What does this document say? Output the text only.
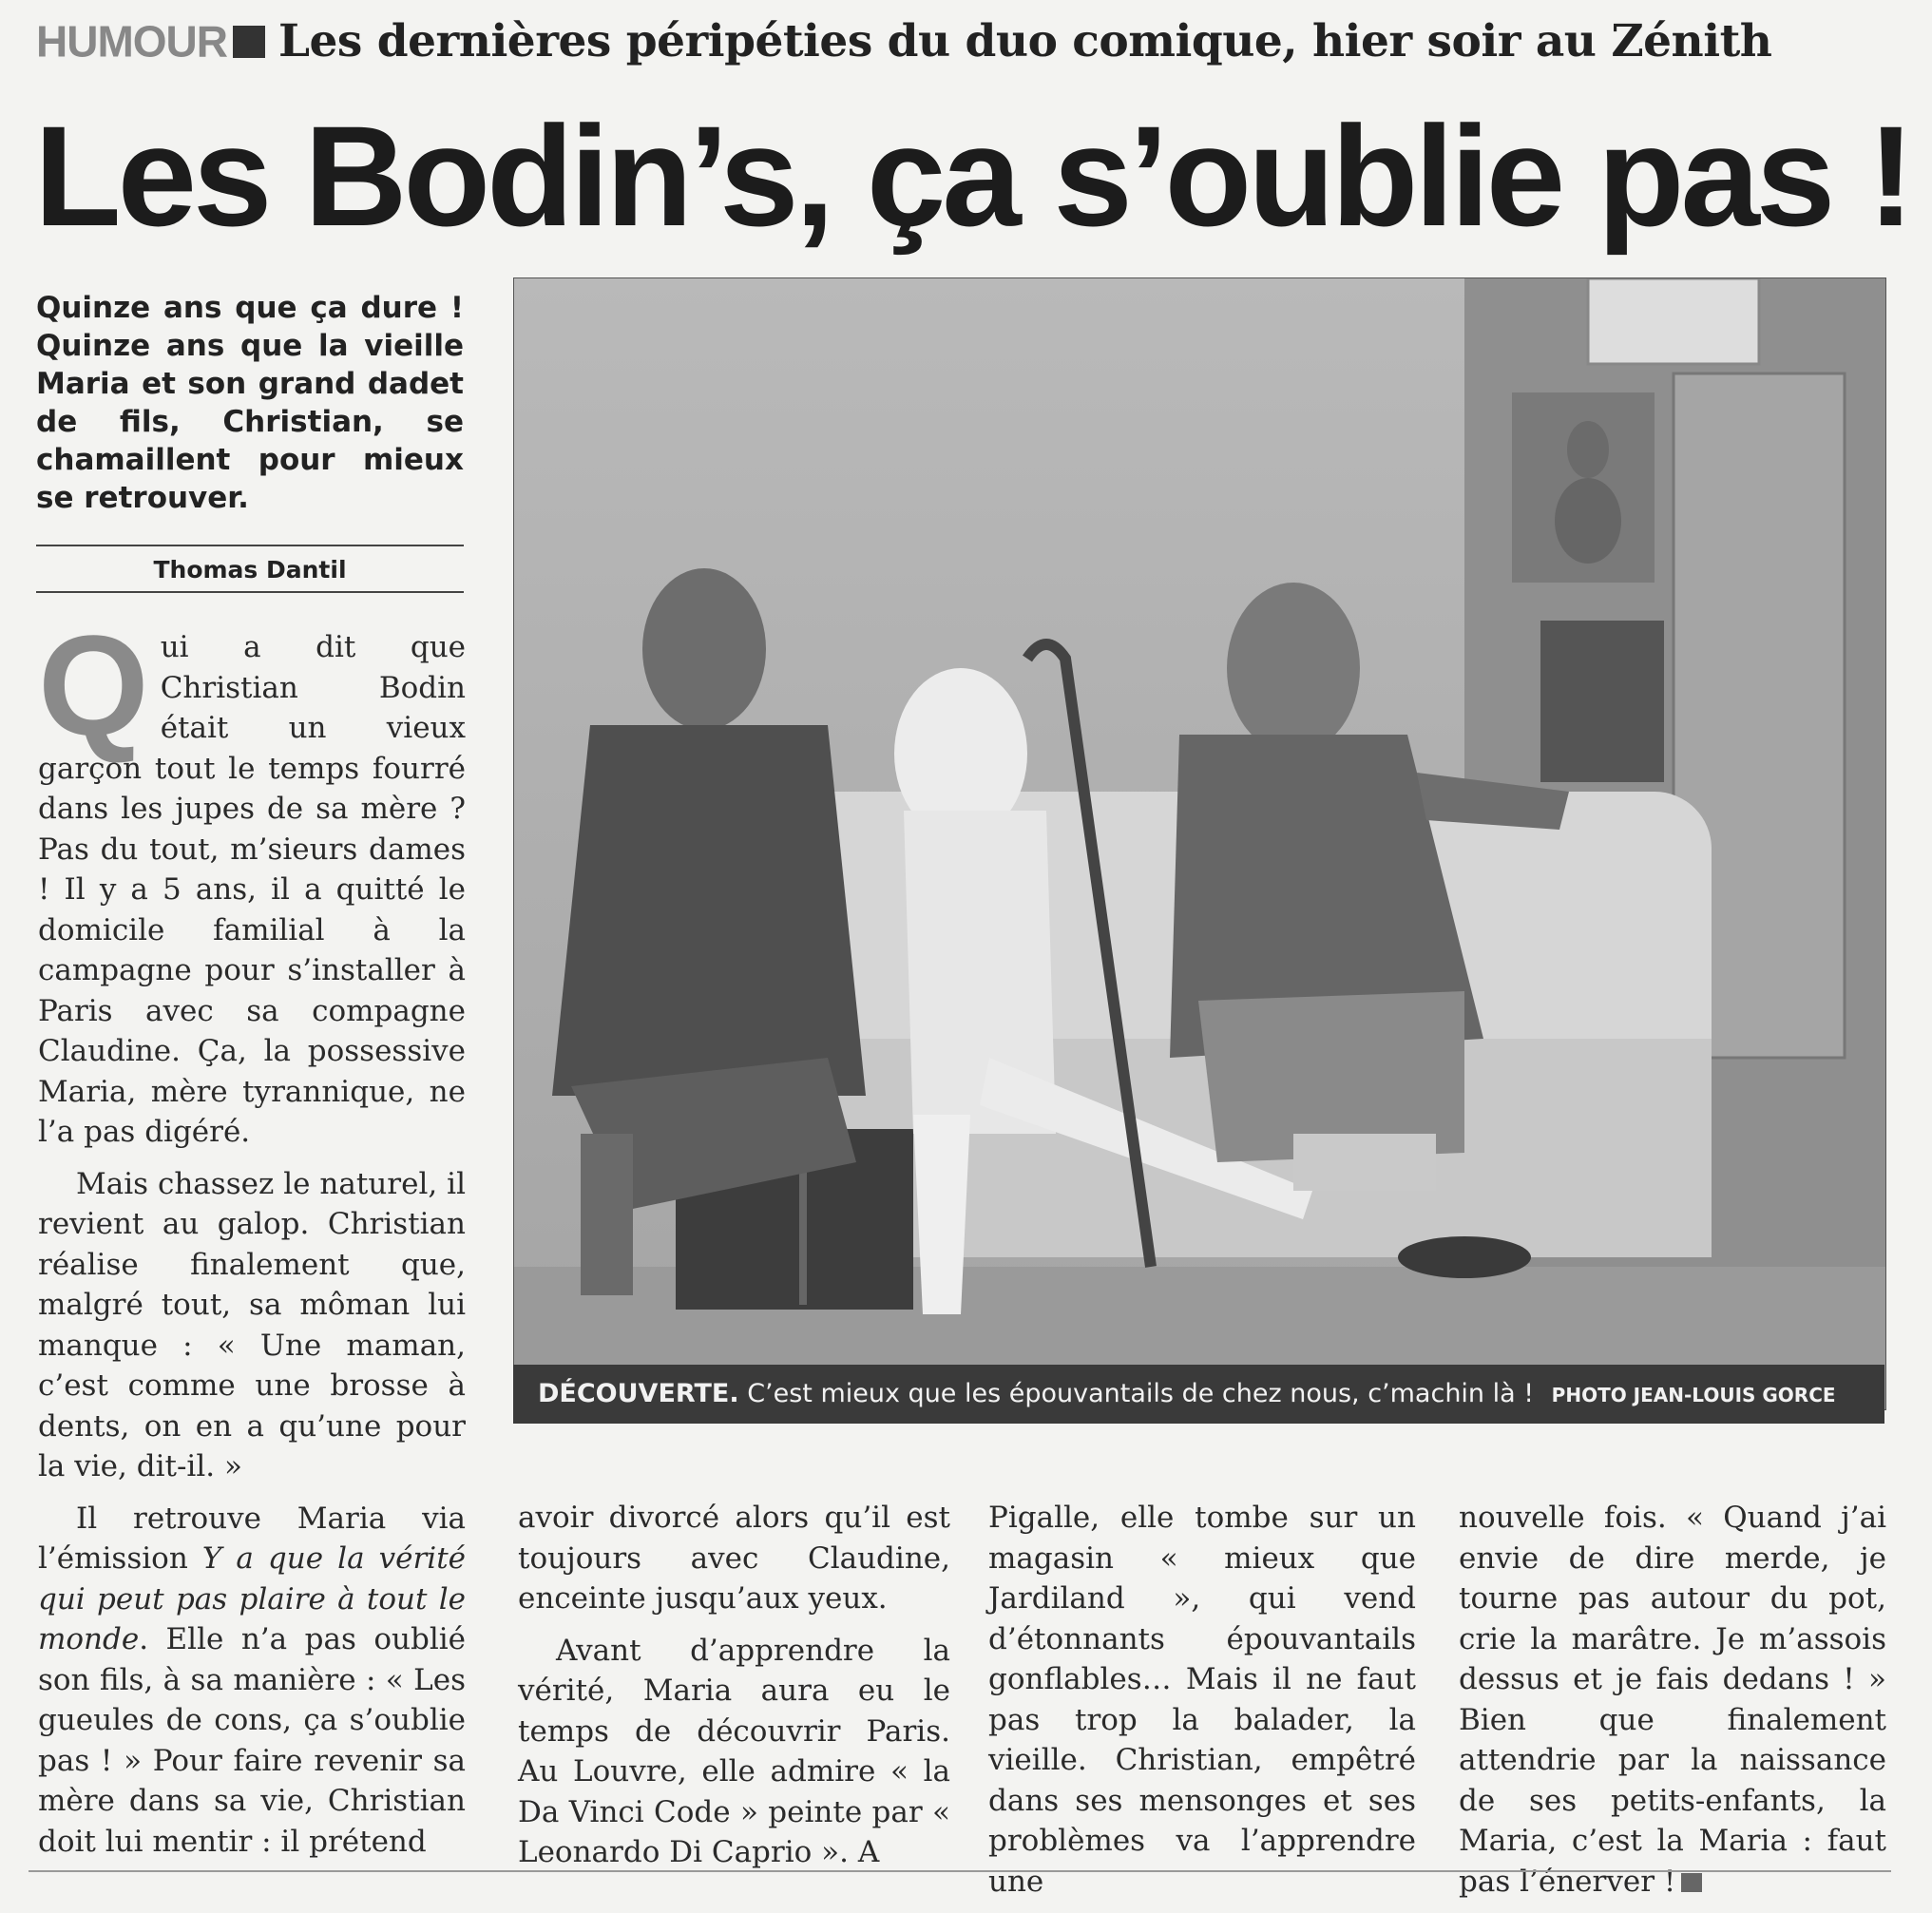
HUMOUR Les dernières péripéties du duo comique, hier soir au Zénith
Les Bodin’s, ça s’oublie pas !
Quinze ans que ça dure ! Quinze ans que la vieille Maria et son grand dadet de fils, Christian, se chamaillent pour mieux se retrouver.
Thomas Dantil

Qui a dit que Christian Bodin était un vieux garçon tout le temps fourré dans les jupes de sa mère ? Pas du tout, m’sieurs dames ! Il y a 5 ans, il a quitté le domicile familial à la campagne pour s’installer à Paris avec sa compagne Claudine. Ça, la possessive Maria, mère tyrannique, ne l’a pas digéré.

Mais chassez le naturel, il revient au galop. Christian réalise finalement que, malgré tout, sa môman lui manque : « Une maman, c’est comme une brosse à dents, on en a qu’une pour la vie, dit-il. »

Il retrouve Maria via l’émission Y a que la vérité qui peut pas plaire à tout le monde. Elle n’a pas oublié son fils, à sa manière : « Les gueules de cons, ça s’oublie pas ! » Pour faire revenir sa mère dans sa vie, Christian doit lui mentir : il prétend

DÉCOUVERTE. C’est mieux que les épouvantails de chez nous, c’machin là ! PHOTO JEAN-LOUIS GORCE

avoir divorcé alors qu’il est toujours avec Claudine, enceinte jusqu’aux yeux.

Avant d’apprendre la vérité, Maria aura eu le temps de découvrir Paris. Au Louvre, elle admire « la Da Vinci Code » peinte par « Leonardo Di Caprio ». A

Pigalle, elle tombe sur un magasin « mieux que Jardiland », qui vend d’étonnants épouvantails gonflables… Mais il ne faut pas trop la balader, la vieille. Christian, empêtré dans ses mensonges et ses problèmes va l’apprendre une

nouvelle fois. « Quand j’ai envie de dire merde, je tourne pas autour du pot, crie la marâtre. Je m’assois dessus et je fais dedans ! » Bien que finalement attendrie par la naissance de ses petits-enfants, la Maria, c’est la Maria : faut pas l’énerver !
